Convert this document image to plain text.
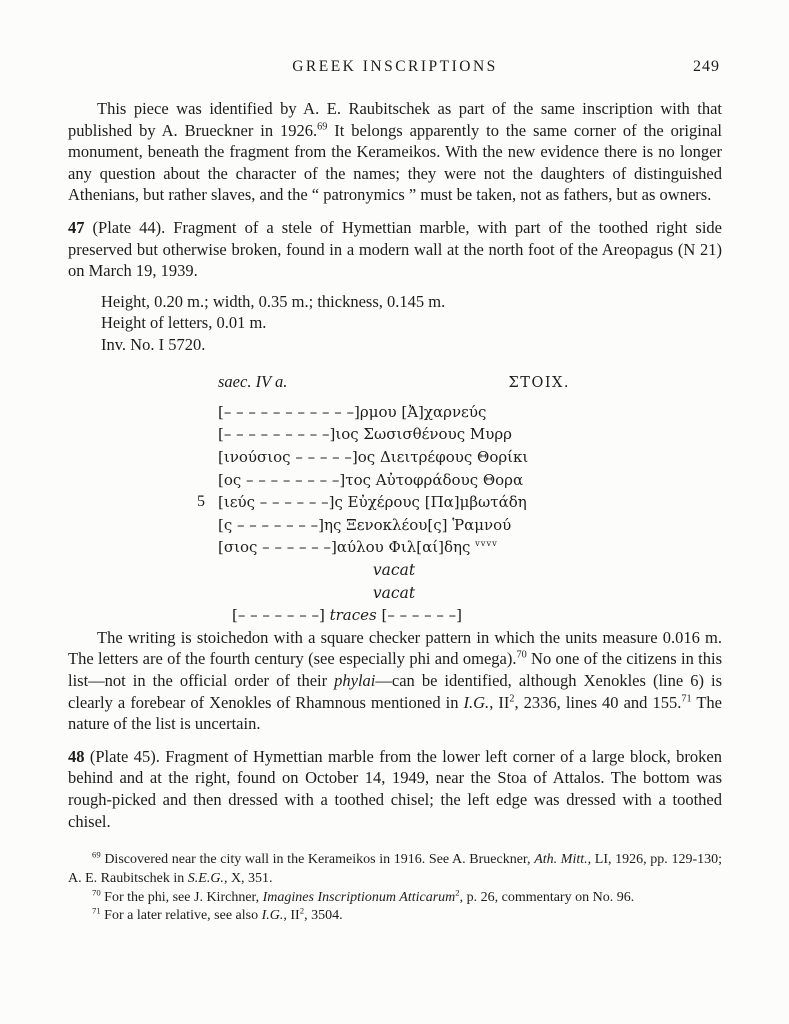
GREEK INSCRIPTIONS	249

This piece was identified by A. E. Raubitschek as part of the same inscription with that published by A. Brueckner in 1926.69 It belongs apparently to the same corner of the original monument, beneath the fragment from the Kerameikos. With the new evidence there is no longer any question about the character of the names; they were not the daughters of distinguished Athenians, but rather slaves, and the “ patronymics ” must be taken, not as fathers, but as owners.

47 (Plate 44). Fragment of a stele of Hymettian marble, with part of the toothed right side preserved but otherwise broken, found in a modern wall at the north foot of the Areopagus (N 21) on March 19, 1939.

Height, 0.20 m.; width, 0.35 m.; thickness, 0.145 m.
Height of letters, 0.01 m.
Inv. No. I 5720.
saec. IV a.	ΣΤΟΙΧ.
[– – – – – – – – – – –]ρμου [Ἀ]χαρνεύς
[– – – – – – – – –]ιος Σωσισθένους Μυρρ
[ινούσιος – – – – –]ος Διειτρέφους Θορίκι
[ος – – – – – – – –]τος Αὐτοφράδους Θορα
5 [ιεύς – – – – – –]ς Εὐχέρους [Πα]μβωτάδη
[ς – – – – – – –]ης Ξενοκλέου[ς] Ῥαμνού
[σιος – – – – – –]αύλου Φιλ[αί]δης $^{vvvv}$
vacat
vacat
[– – – – – – –] traces [– – – – – –]

The writing is stoichedon with a square checker pattern in which the units measure 0.016 m. The letters are of the fourth century (see especially phi and omega).$^{70}$ No one of the citizens in this list—not in the official order of their phylai—can be identified, although Xenokles (line 6) is clearly a forebear of Xenokles of Rhamnous mentioned in I.G., $II^2$, 2336, lines 40 and 155.71 The nature of the list is uncertain.

48 (Plate 45). Fragment of Hymettian marble from the lower left corner of a large block, broken behind and at the right, found on October 14, 1949, near the Stoa of Attalos. The bottom was rough-picked and then dressed with a toothed chisel; the left edge was dressed with a toothed chisel.

$^{69}$ Discovered near the city wall in the Kerameikos in 1916. See A. Brueckner, Ath. Mitt., LI, 1926, pp. 129-130; A. E. Raubitschek in S.E.G., X, 351.

$^{70}$ For the phi, see J. Kirchner, Imagines Inscriptionum Atticarum$^2$, p. 26, commentary on No. 96.

$^{71}$ For a later relative, see also I.G., $II^2$, 3504.
